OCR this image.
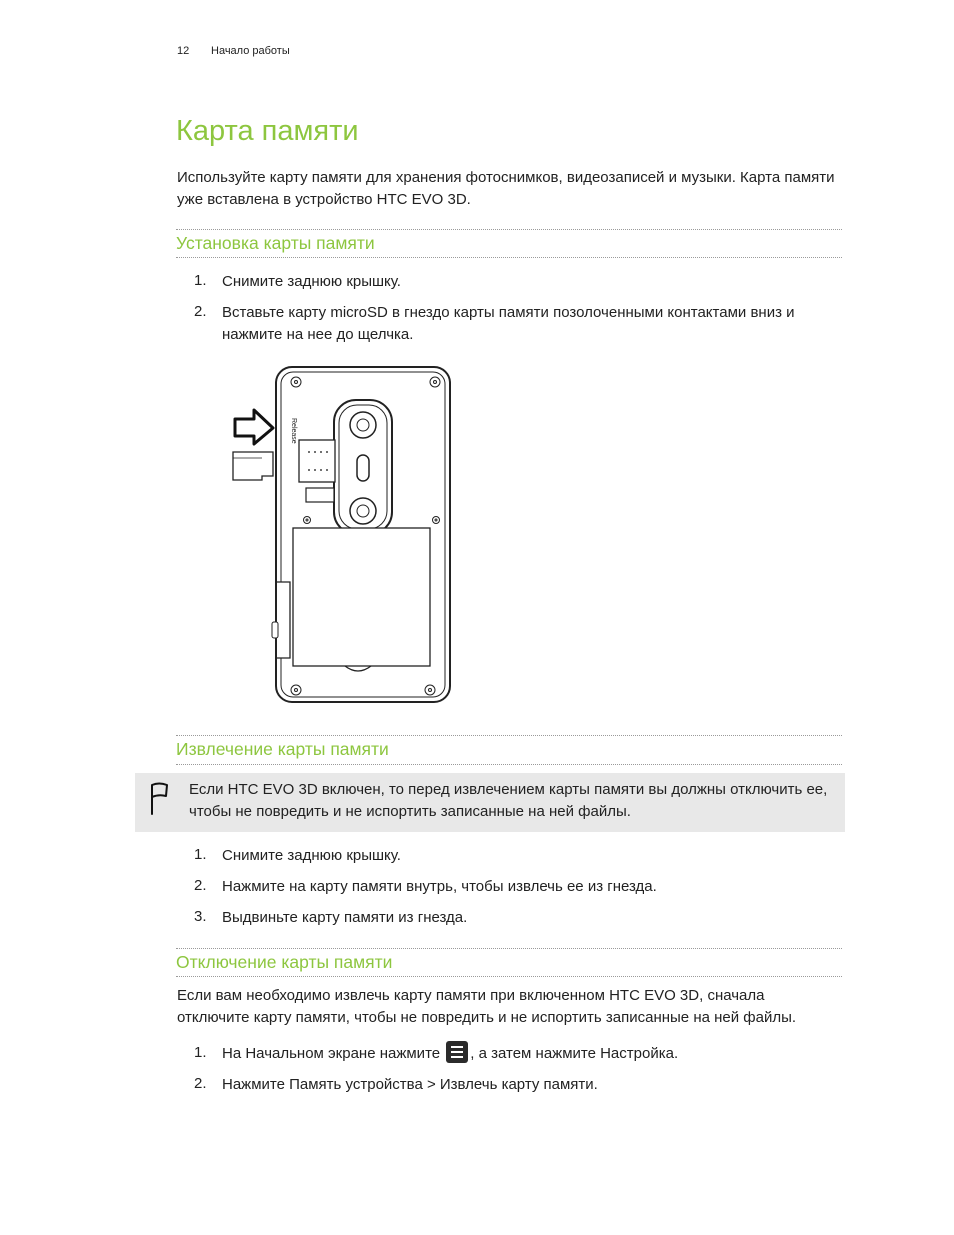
12 Начало работы
Карта памяти

Используйте карту памяти для хранения фотоснимков, видеозаписей и музыки. Карта памяти уже вставлена в устройство HTC EVO 3D.

Установка карты памяти
1. Снимите заднюю крышку.
2. Вставьте карту microSD в гнездо карты памяти позолоченными контактами вниз и нажмите на нее до щелчка.
Release
Извлечение карты памяти
Если HTC EVO 3D включен, то перед извлечением карты памяти вы должны отключить ее, чтобы не повредить и не испортить записанные на ней файлы.
1. Снимите заднюю крышку.
2. Нажмите на карту памяти внутрь, чтобы извлечь ее из гнезда.
3. Выдвиньте карту памяти из гнезда.
Отключение карты памяти

Если вам необходимо извлечь карту памяти при включенном HTC EVO 3D, сначала отключите карту памяти, чтобы не повредить и не испортить записанные на ней файлы.

1. На Начальном экране нажмите , а затем нажмите Настройка.
2. Нажмите Память устройства > Извлечь карту памяти.
